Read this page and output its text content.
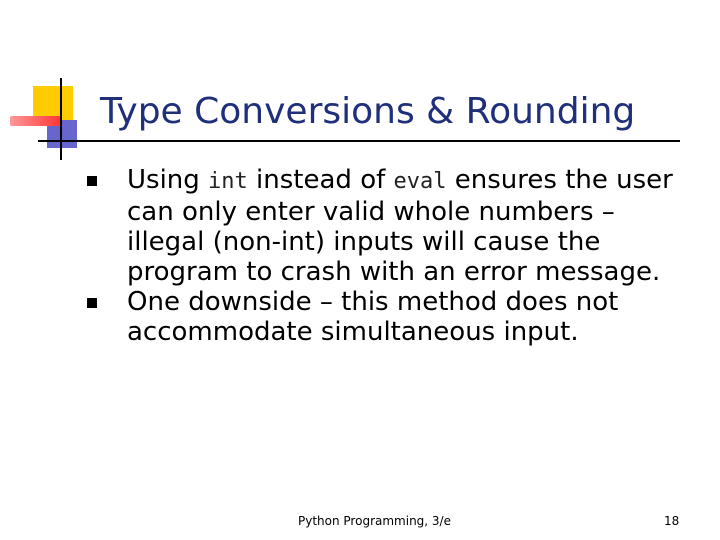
Type Conversions & Rounding
Using int instead of eval ensures the user can only enter valid whole numbers – illegal (non-int) inputs will cause the program to crash with an error message.
One downside – this method does not accommodate simultaneous input.
Python Programming, 3/e	18
